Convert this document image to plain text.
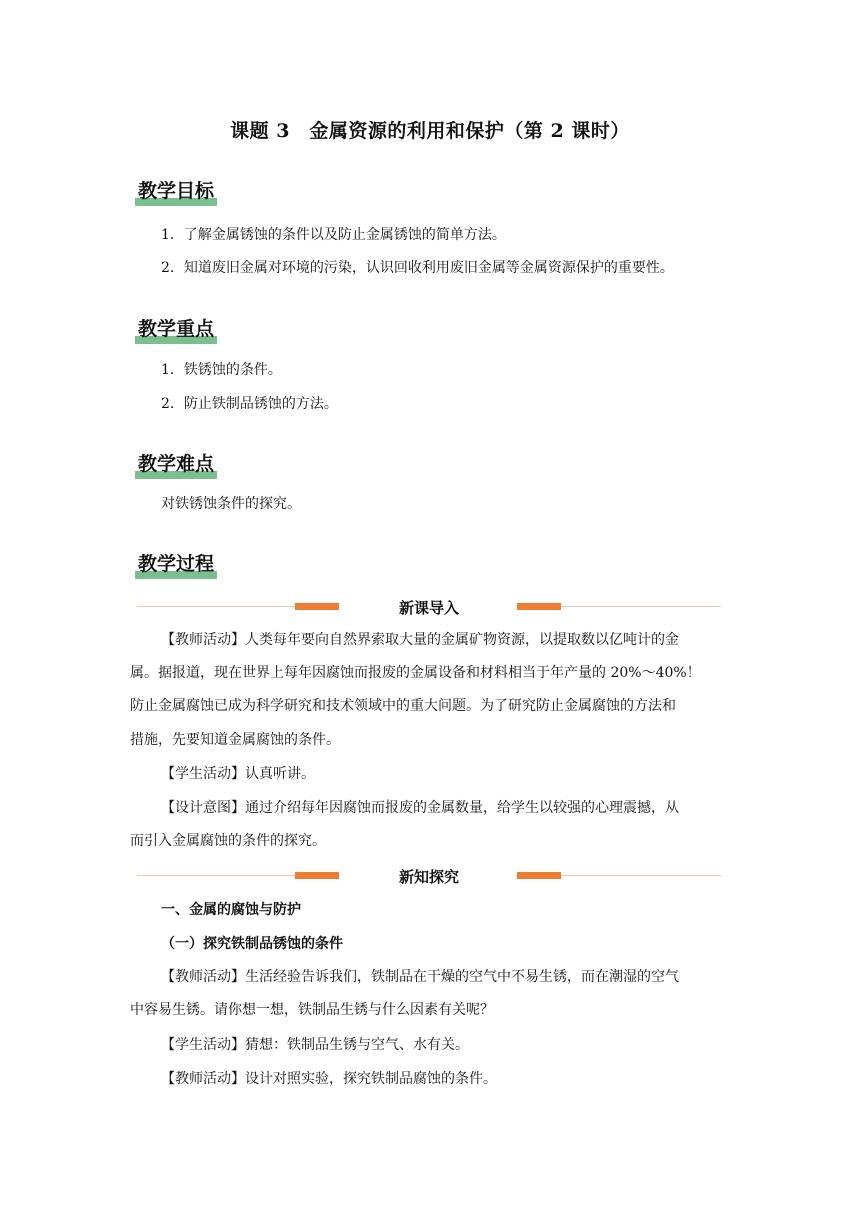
课题 3　金属资源的利用和保护（第 2 课时）
教学目标
1．了解金属锈蚀的条件以及防止金属锈蚀的简单方法。
2．知道废旧金属对环境的污染，认识回收利用废旧金属等金属资源保护的重要性。
教学重点
1．铁锈蚀的条件。
2．防止铁制品锈蚀的方法。
教学难点
对铁锈蚀条件的探究。
教学过程
新课导入
【教师活动】人类每年要向自然界索取大量的金属矿物资源，以提取数以亿吨计的金
属。据报道，现在世界上每年因腐蚀而报废的金属设备和材料相当于年产量的 20%～40%！
防止金属腐蚀已成为科学研究和技术领域中的重大问题。为了研究防止金属腐蚀的方法和
措施，先要知道金属腐蚀的条件。
【学生活动】认真听讲。
【设计意图】通过介绍每年因腐蚀而报废的金属数量，给学生以较强的心理震撼，从
而引入金属腐蚀的条件的探究。
新知探究
一、金属的腐蚀与防护
（一）探究铁制品锈蚀的条件
【教师活动】生活经验告诉我们，铁制品在干燥的空气中不易生锈，而在潮湿的空气
中容易生锈。请你想一想，铁制品生锈与什么因素有关呢？
【学生活动】猜想：铁制品生锈与空气、水有关。
【教师活动】设计对照实验，探究铁制品腐蚀的条件。
